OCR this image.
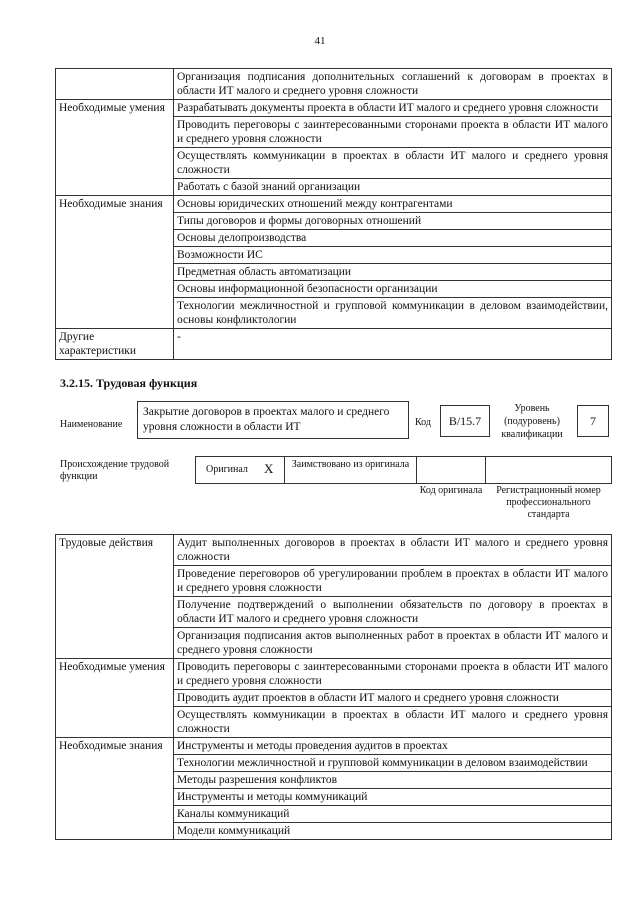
41
	Организация подписания дополнительных соглашений к договорам в проектах в области ИТ малого и среднего уровня сложности
Необходимые умения	Разрабатывать документы проекта в области ИТ малого и среднего уровня сложности
	Проводить переговоры с заинтересованными сторонами проекта в области ИТ малого и среднего уровня сложности
	Осуществлять коммуникации в проектах в области ИТ малого и среднего уровня сложности
	Работать с базой знаний организации
Необходимые знания	Основы юридических отношений между контрагентами
	Типы договоров и формы договорных отношений
	Основы делопроизводства
	Возможности ИС
	Предметная область автоматизации
	Основы информационной безопасности организации
	Технологии межличностной и групповой коммуникации в деловом взаимодействии, основы конфликтологии
Другие характеристики	-
3.2.15. Трудовая функция
Наименование
Закрытие договоров в проектах малого и среднего уровня сложности в области ИТ	Код	В/15.7
Уровень (подуровень) квалификации
7
Происхождение трудовой функции
Оригинал X	Заимствовано из оригинала
Код оригинала	Регистрационный номер профессионального стандарта
Трудовые действия	Аудит выполненных договоров в проектах в области ИТ малого и среднего уровня сложности
	Проведение переговоров об урегулировании проблем в проектах в области ИТ малого и среднего уровня сложности
	Получение подтверждений о выполнении обязательств по договору в проектах в области ИТ малого и среднего уровня сложности
	Организация подписания актов выполненных работ в проектах в области ИТ малого и среднего уровня сложности
Необходимые умения	Проводить переговоры с заинтересованными сторонами проекта в области ИТ малого и среднего уровня сложности
	Проводить аудит проектов в области ИТ малого и среднего уровня сложности
	Осуществлять коммуникации в проектах в области ИТ малого и среднего уровня сложности
Необходимые знания	Инструменты и методы проведения аудитов в проектах
	Технологии межличностной и групповой коммуникации в деловом взаимодействии
	Методы разрешения конфликтов
	Инструменты и методы коммуникаций
	Каналы коммуникаций
	Модели коммуникаций
